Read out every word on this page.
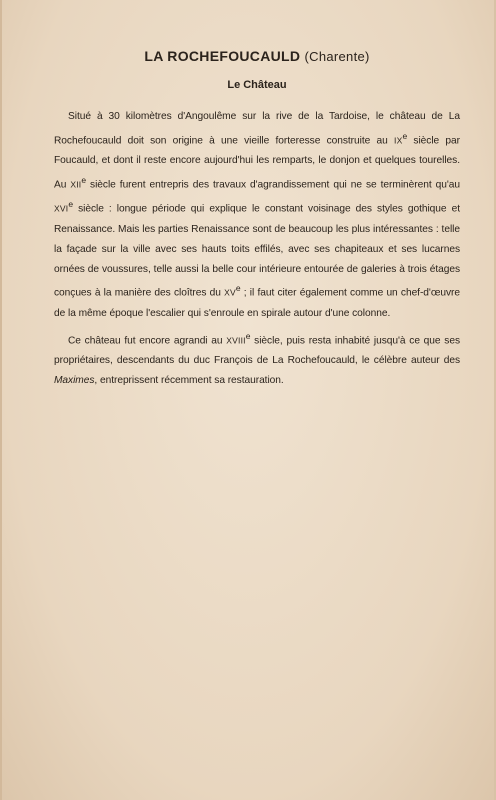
LA ROCHEFOUCAULD (Charente)
Le Château

Situé à 30 kilomètres d'Angoulême sur la rive de la Tardoise, le château de La Rochefoucauld doit son origine à une vieille forteresse construite au IXe siècle par Foucauld, et dont il reste encore aujourd'hui les remparts, le donjon et quelques tourelles. Au XIIe siècle furent entrepris des travaux d'agrandissement qui ne se terminèrent qu'au XVIe siècle : longue période qui explique le constant voisinage des styles gothique et Renaissance. Mais les parties Renaissance sont de beaucoup les plus intéressantes : telle la façade sur la ville avec ses hauts toits effilés, avec ses chapiteaux et ses lucarnes ornées de voussures, telle aussi la belle cour intérieure entourée de galeries à trois étages conçues à la manière des cloîtres du XVe ; il faut citer également comme un chef-d'œuvre de la même époque l'escalier qui s'enroule en spirale autour d'une colonne.

Ce château fut encore agrandi au XVIIIe siècle, puis resta inhabité jusqu'à ce que ses propriétaires, descendants du duc François de La Rochefoucauld, le célèbre auteur des Maximes, entreprissent récemment sa restauration.
